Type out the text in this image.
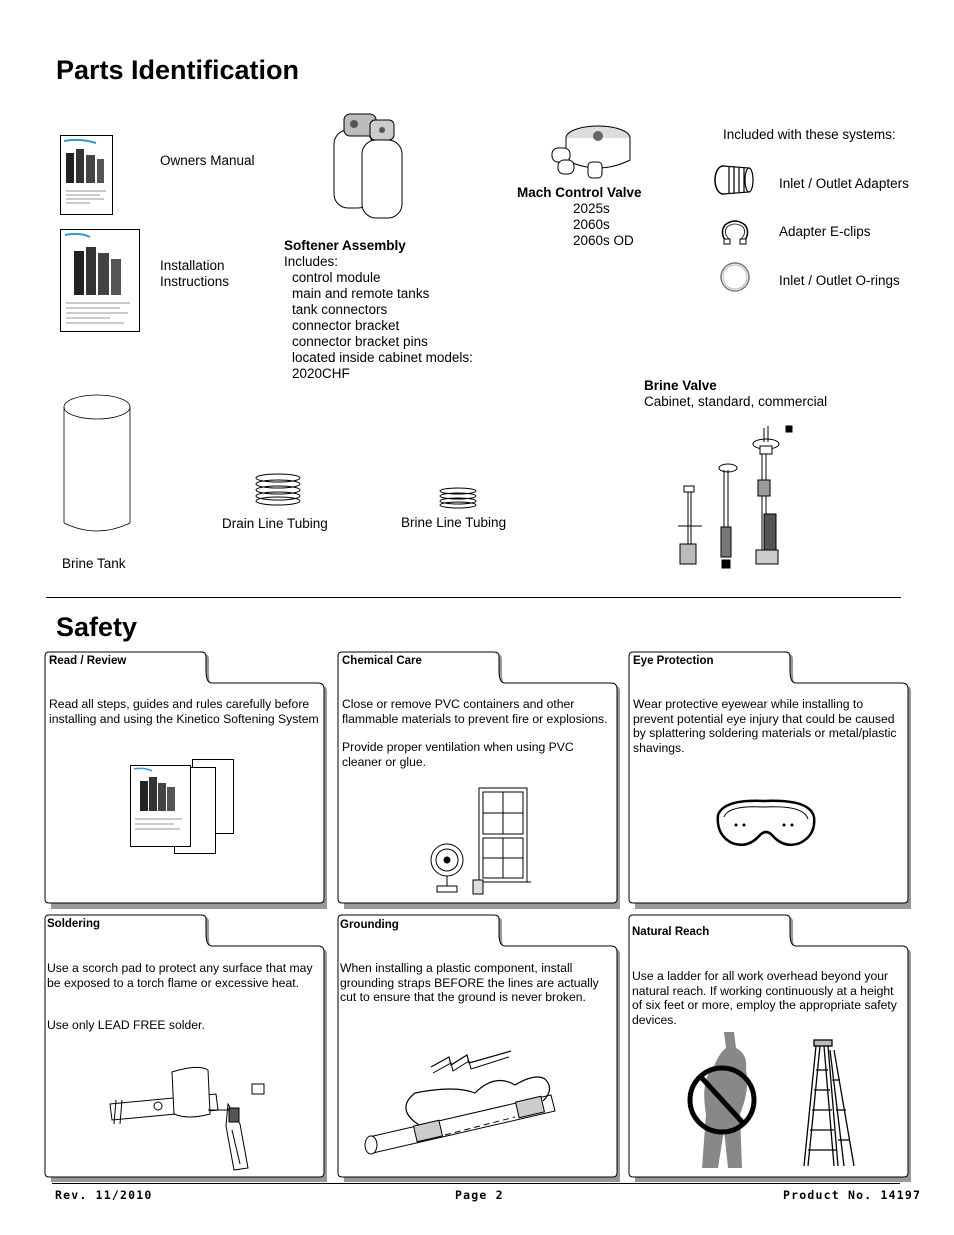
Parts Identification
Owners Manual
Installation
Instructions
Softener Assembly
Includes:
control module
main and remote tanks
tank connectors
connector bracket
connector bracket pins
located inside cabinet models:
2020CHF
Mach Control Valve
2025s
2060s
2060s OD
Included with these systems:
Inlet / Outlet Adapters
Adapter E-clips
Inlet / Outlet O-rings
Brine Valve
Cabinet, standard, commercial
Brine Tank
Drain Line Tubing	Brine Line Tubing
Safety
Read / Review

Read all steps, guides and rules carefully before installing and using the Kinetico Softening System

Chemical Care

Close or remove PVC containers and other flammable materials to prevent fire or explosions.

Provide proper ventilation when using PVC cleaner or glue.

Eye Protection

Wear protective eyewear while installing to prevent potential eye injury that could be caused by splattering soldering materials or metal/plastic shavings.

Soldering

Use a scorch pad to protect any surface that may be exposed to a torch flame or excessive heat.

Use only LEAD FREE solder.

Grounding

When installing a plastic component, install grounding straps BEFORE the lines are actually cut to ensure that the ground is never broken.

Natural Reach

Use a ladder for all work overhead beyond your natural reach. If working continuously at a height of six feet or more, employ the appropriate safety devices.

Rev. 11/2010	Page 2	Product No. 14197
